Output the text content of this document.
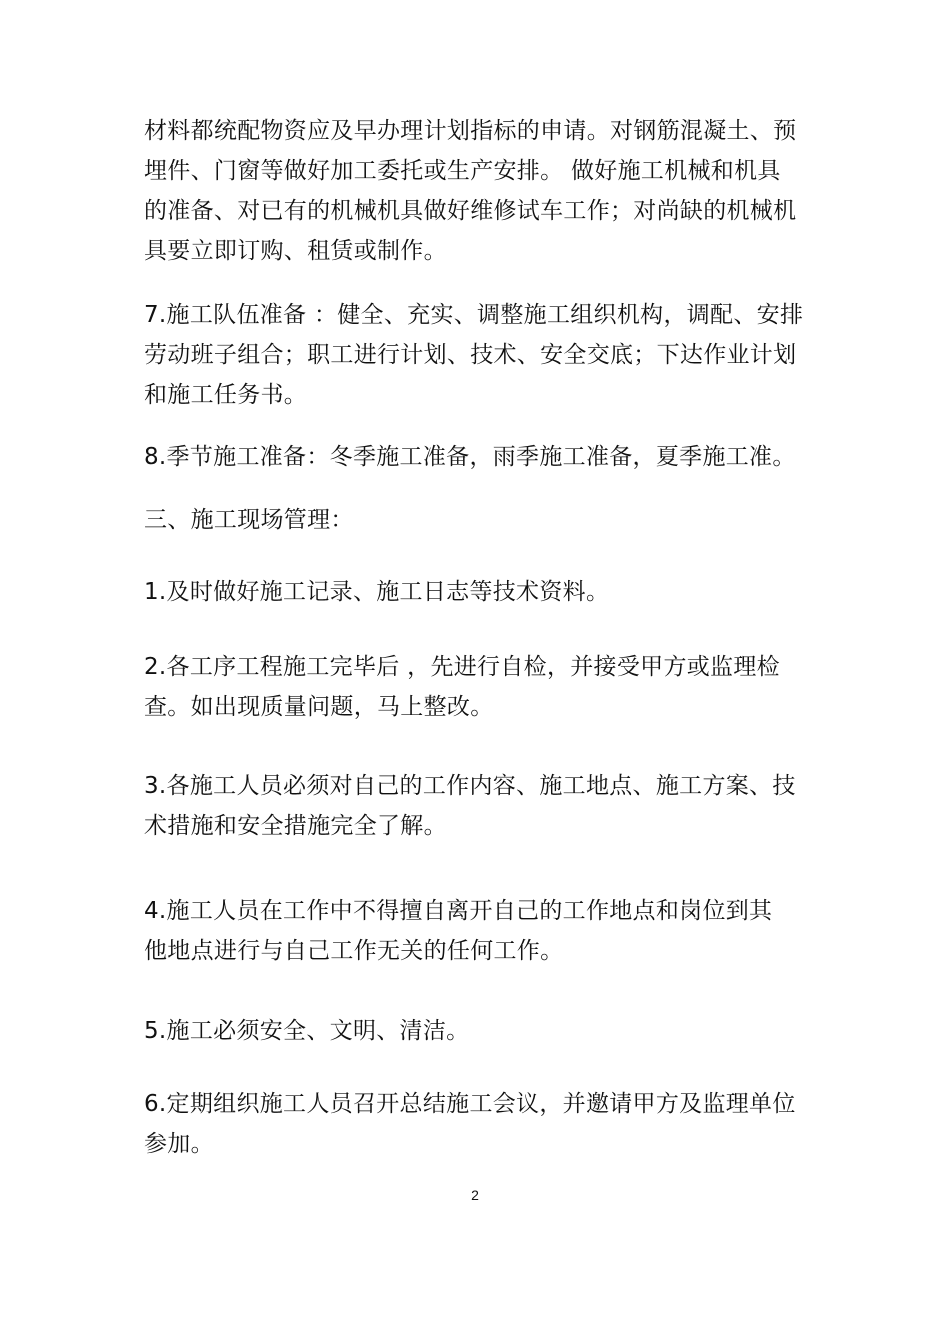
材料都统配物资应及早办理计划指标的申请。对钢筋混凝土、预
埋件、门窗等做好加工委托或生产安排。 做好施工机械和机具
的准备、对已有的机械机具做好维修试车工作；对尚缺的机械机
具要立即订购、租赁或制作。

7.施工队伍准备 ：健全、充实、调整施工组织机构，调配、安排
劳动班子组合；职工进行计划、技术、安全交底；下达作业计划
和施工任务书。

8.季节施工准备：冬季施工准备，雨季施工准备，夏季施工准。

三、施工现场管理：

1.及时做好施工记录、施工日志等技术资料。

2.各工序工程施工完毕后 ，先进行自检，并接受甲方或监理检
查。如出现质量问题，马上整改。

3.各施工人员必须对自己的工作内容、施工地点、施工方案、技
术措施和安全措施完全了解。

4.施工人员在工作中不得擅自离开自己的工作地点和岗位到其
他地点进行与自己工作无关的任何工作。

5.施工必须安全、文明、清洁。

6.定期组织施工人员召开总结施工会议，并邀请甲方及监理单位
参加。

2
